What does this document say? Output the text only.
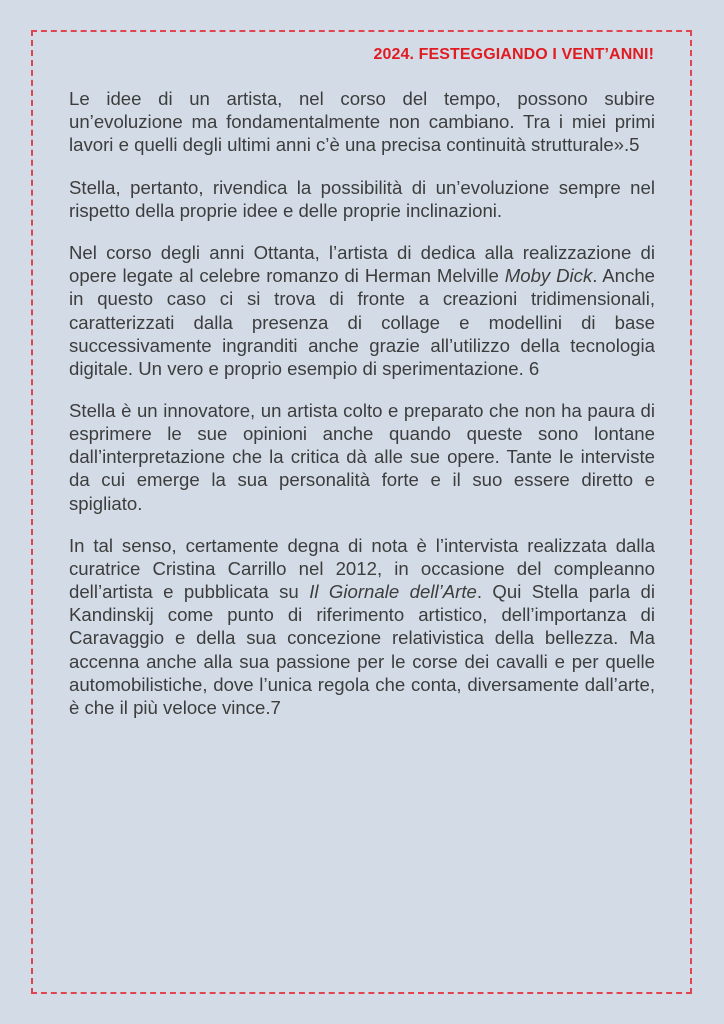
2024. FESTEGGIANDO I VENT’ANNI!

Le idee di un artista, nel corso del tempo, possono subire un’evoluzione ma fondamentalmente non cambiano. Tra i miei primi lavori e quelli degli ultimi anni c’è una precisa continuità strutturale».5

Stella, pertanto, rivendica la possibilità di un’evoluzione sempre nel rispetto della proprie idee e delle proprie inclinazioni.

Nel corso degli anni Ottanta, l’artista di dedica alla realizzazione di opere legate al celebre romanzo di Herman Melville Moby Dick. Anche in questo caso ci si trova di fronte a creazioni tridimensionali, caratterizzati dalla presenza di collage e modellini di base successivamente ingranditi anche grazie all’utilizzo della tecnologia digitale. Un vero e proprio esempio di sperimentazione. 6

Stella è un innovatore, un artista colto e preparato che non ha paura di esprimere le sue opinioni anche quando queste sono lontane dall’interpretazione che la critica dà alle sue opere. Tante le interviste da cui emerge la sua personalità forte e il suo essere diretto e spigliato.

In tal senso, certamente degna di nota è l’intervista realizzata dalla curatrice Cristina Carrillo nel 2012, in occasione del compleanno dell’artista e pubblicata su Il Giornale dell’Arte. Qui Stella parla di Kandinskij come punto di riferimento artistico, dell’importanza di Caravaggio e della sua concezione relativistica della bellezza. Ma accenna anche alla sua passione per le corse dei cavalli e per quelle automobilistiche, dove l’unica regola che conta, diversamente dall’arte, è che il più veloce vince.7
